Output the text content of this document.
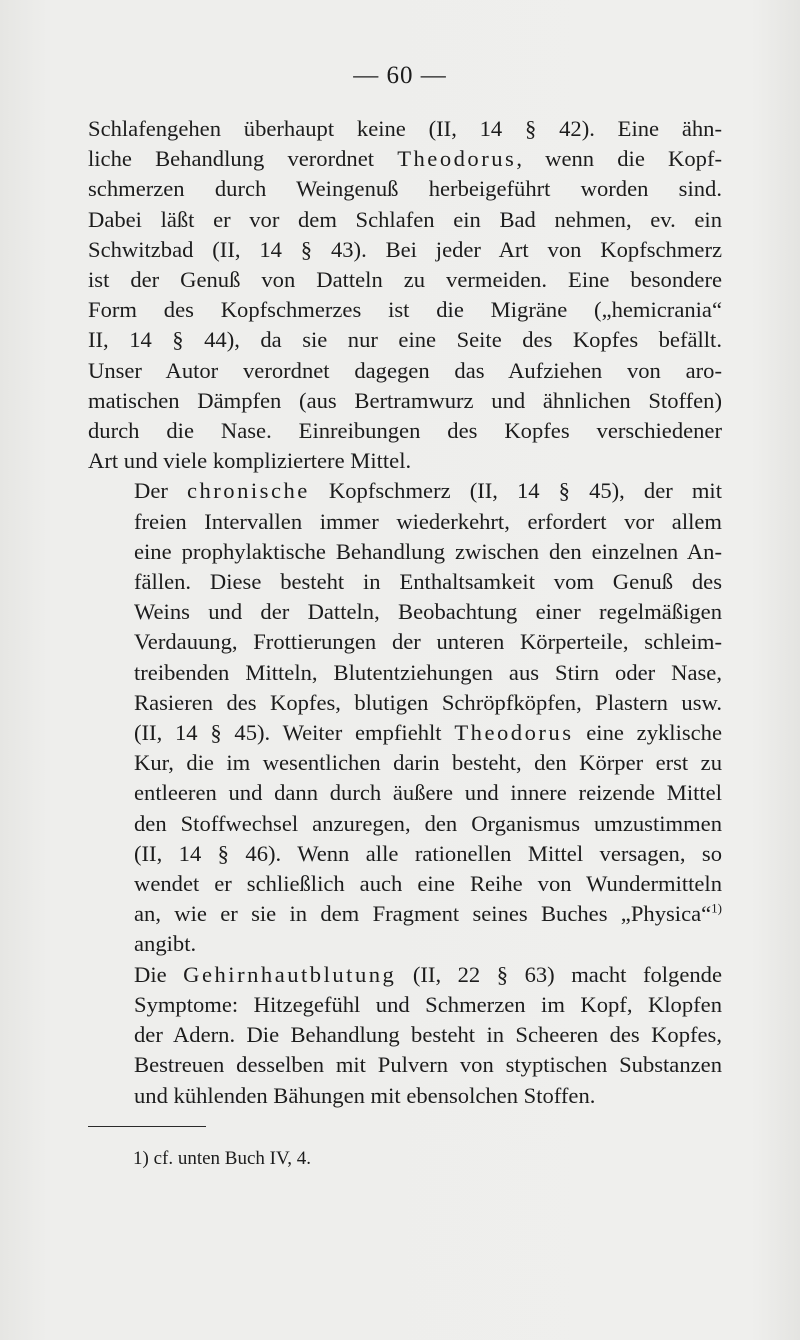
— 60 —
Schlafengehen überhaupt keine (II, 14 § 42). Eine ähn-
liche Behandlung verordnet Theodorus, wenn die Kopf-
schmerzen durch Weingenuß herbeigeführt worden sind.
Dabei läßt er vor dem Schlafen ein Bad nehmen, ev. ein
Schwitzbad (II, 14 § 43). Bei jeder Art von Kopfschmerz
ist der Genuß von Datteln zu vermeiden. Eine besondere
Form des Kopfschmerzes ist die Migräne („hemicrania“
II, 14 § 44), da sie nur eine Seite des Kopfes befällt.
Unser Autor verordnet dagegen das Aufziehen von aro-
matischen Dämpfen (aus Bertramwurz und ähnlichen Stoffen)
durch die Nase. Einreibungen des Kopfes verschiedener
Art und viele kompliziertere Mittel.
Der chronische Kopfschmerz (II, 14 § 45), der mit
freien Intervallen immer wiederkehrt, erfordert vor allem
eine prophylaktische Behandlung zwischen den einzelnen An-
fällen. Diese besteht in Enthaltsamkeit vom Genuß des
Weins und der Datteln, Beobachtung einer regelmäßigen
Verdauung, Frottierungen der unteren Körperteile, schleim-
treibenden Mitteln, Blutentziehungen aus Stirn oder Nase,
Rasieren des Kopfes, blutigen Schröpfköpfen, Plastern usw.
(II, 14 § 45). Weiter empfiehlt Theodorus eine zyklische
Kur, die im wesentlichen darin besteht, den Körper erst zu
entleeren und dann durch äußere und innere reizende Mittel
den Stoffwechsel anzuregen, den Organismus umzustimmen
(II, 14 § 46). Wenn alle rationellen Mittel versagen, so
wendet er schließlich auch eine Reihe von Wundermitteln
an, wie er sie in dem Fragment seines Buches „Physica“$^{1)}$
angibt.
Die Gehirnhautblutung (II, 22 § 63) macht folgende
Symptome: Hitzegefühl und Schmerzen im Kopf, Klopfen
der Adern. Die Behandlung besteht in Scheeren des Kopfes,
Bestreuen desselben mit Pulvern von styptischen Substanzen
und kühlenden Bähungen mit ebensolchen Stoffen.
1) cf. unten Buch IV, 4.
